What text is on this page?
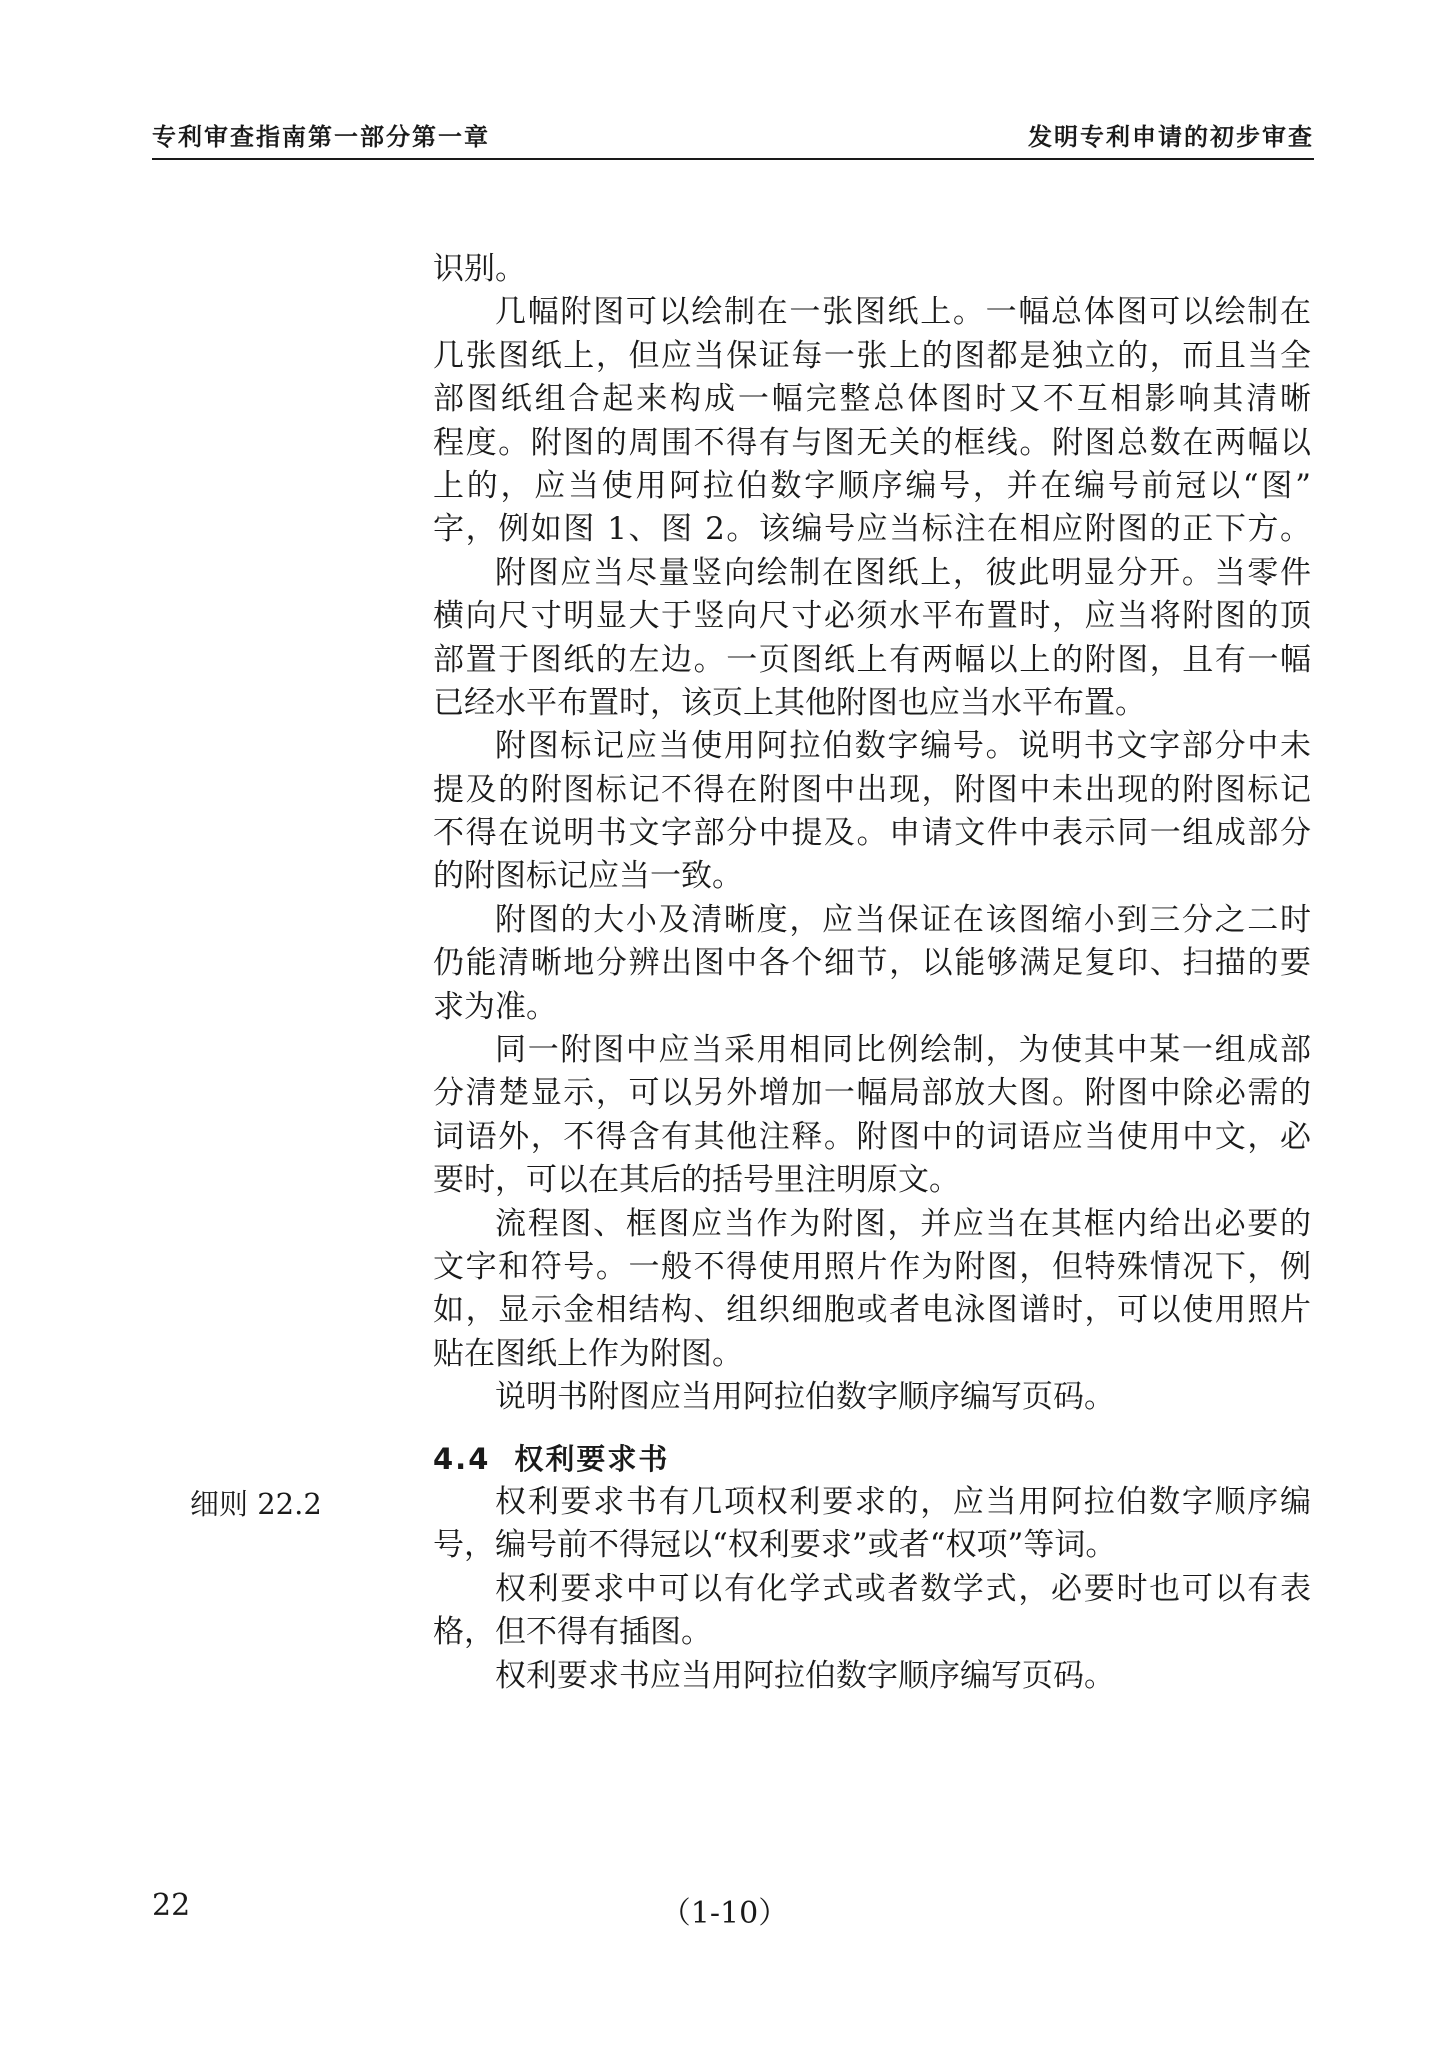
专利审查指南第一部分第一章	发明专利申请的初步审查
识别。
几幅附图可以绘制在一张图纸上。一幅总体图可以绘制在
几张图纸上，但应当保证每一张上的图都是独立的，而且当全
部图纸组合起来构成一幅完整总体图时又不互相影响其清晰
程度。附图的周围不得有与图无关的框线。附图总数在两幅以
上的，应当使用阿拉伯数字顺序编号，并在编号前冠以“图”
字，例如图 1、图 2。该编号应当标注在相应附图的正下方。
附图应当尽量竖向绘制在图纸上，彼此明显分开。当零件
横向尺寸明显大于竖向尺寸必须水平布置时，应当将附图的顶
部置于图纸的左边。一页图纸上有两幅以上的附图，且有一幅
已经水平布置时，该页上其他附图也应当水平布置。
附图标记应当使用阿拉伯数字编号。说明书文字部分中未
提及的附图标记不得在附图中出现，附图中未出现的附图标记
不得在说明书文字部分中提及。申请文件中表示同一组成部分
的附图标记应当一致。
附图的大小及清晰度，应当保证在该图缩小到三分之二时
仍能清晰地分辨出图中各个细节，以能够满足复印、扫描的要
求为准。
同一附图中应当采用相同比例绘制，为使其中某一组成部
分清楚显示，可以另外增加一幅局部放大图。附图中除必需的
词语外，不得含有其他注释。附图中的词语应当使用中文，必
要时，可以在其后的括号里注明原文。
流程图、框图应当作为附图，并应当在其框内给出必要的
文字和符号。一般不得使用照片作为附图，但特殊情况下，例
如，显示金相结构、组织细胞或者电泳图谱时，可以使用照片
贴在图纸上作为附图。
说明书附图应当用阿拉伯数字顺序编写页码。
4.4 权利要求书
权利要求书有几项权利要求的，应当用阿拉伯数字顺序编
号，编号前不得冠以“权利要求”或者“权项”等词。
权利要求中可以有化学式或者数学式，必要时也可以有表
格，但不得有插图。
权利要求书应当用阿拉伯数字顺序编写页码。
细则 22.2
22	（1-10）
